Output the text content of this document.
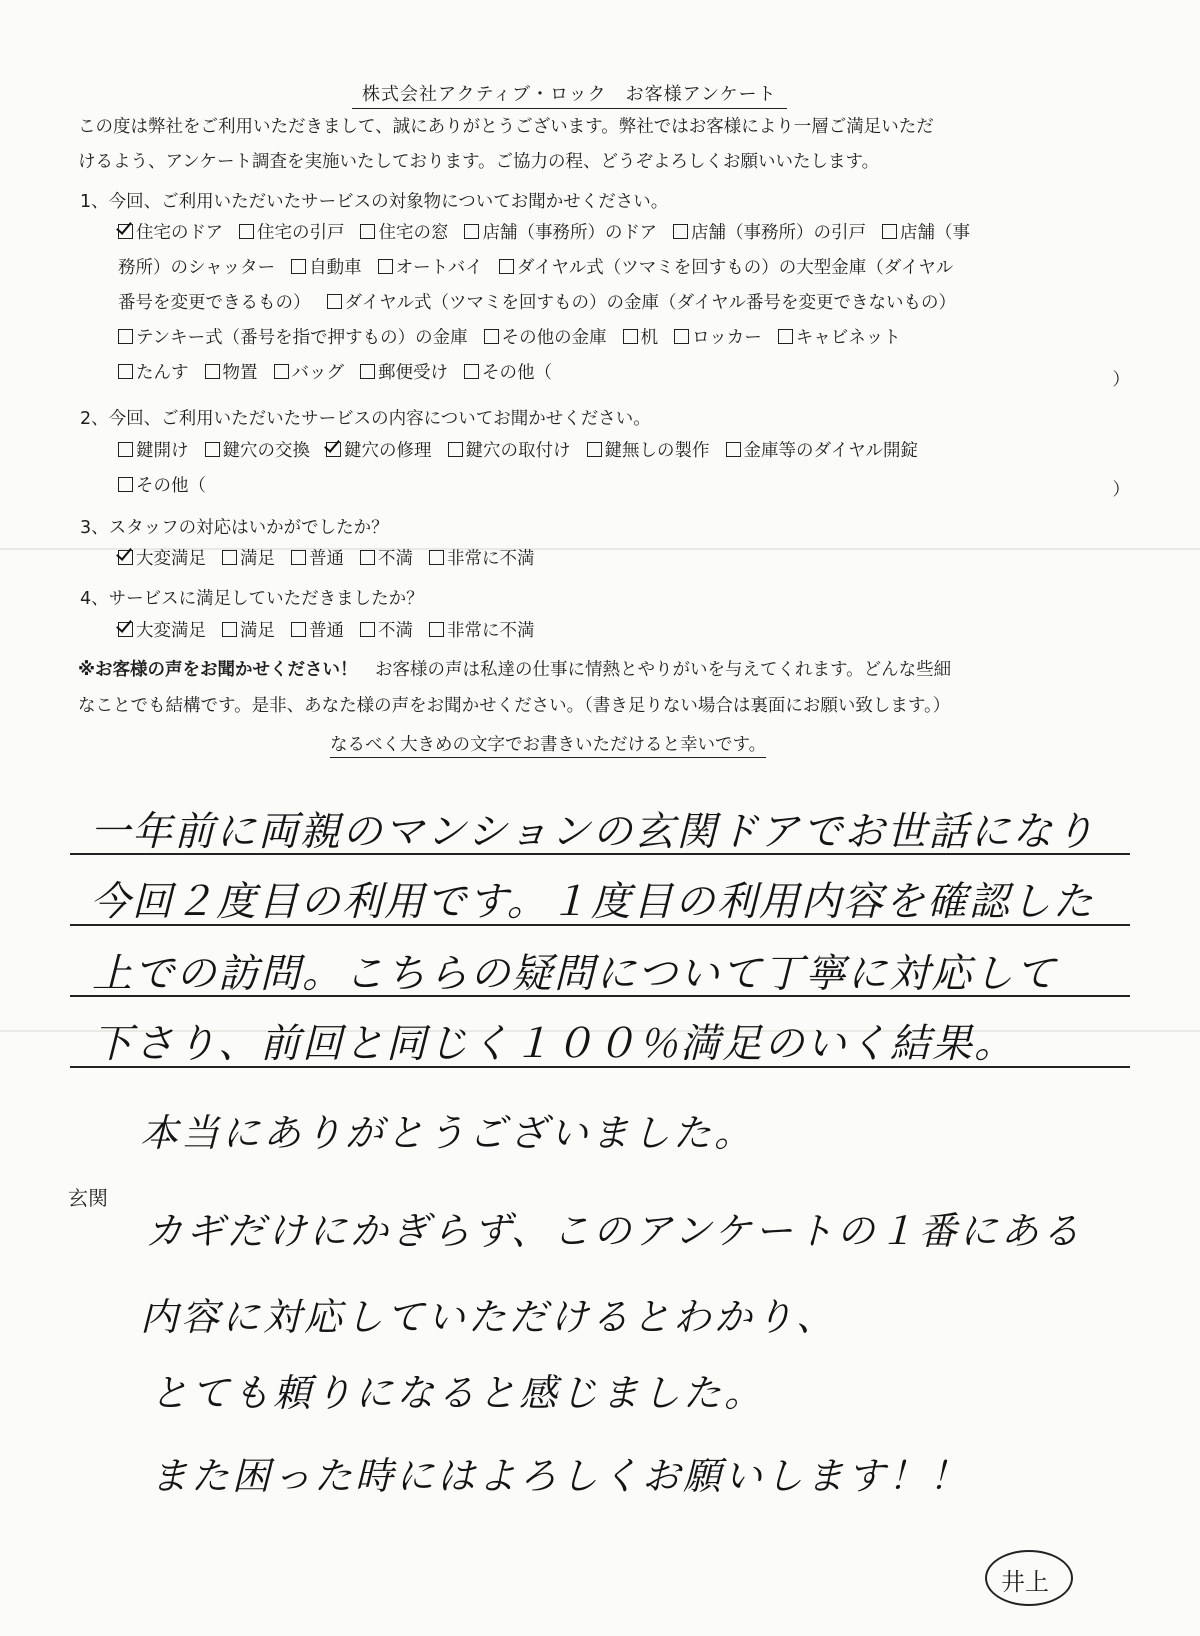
株式会社アクティブ・ロック　お客様アンケート
この度は弊社をご利用いただきまして、誠にありがとうございます。弊社ではお客様により一層ご満足いただ
けるよう、アンケート調査を実施いたしております。ご協力の程、どうぞよろしくお願いいたします。
1、今回、ご利用いただいたサービスの対象物についてお聞かせください。
住宅のドア 住宅の引戸 住宅の窓 店舗（事務所）のドア 店舗（事務所）の引戸 店舗（事
務所）のシャッター 自動車 オートバイ ダイヤル式（ツマミを回すもの）の大型金庫（ダイヤル
番号を変更できるもの） ダイヤル式（ツマミを回すもの）の金庫（ダイヤル番号を変更できないもの）
テンキー式（番号を指で押すもの）の金庫 その他の金庫 机 ロッカー キャビネット
たんす 物置 バッグ 郵便受け その他（	）
2、今回、ご利用いただいたサービスの内容についてお聞かせください。
鍵開け 鍵穴の交換 鍵穴の修理 鍵穴の取付け 鍵無しの製作 金庫等のダイヤル開錠
その他（	）
3、スタッフの対応はいかがでしたか？
大変満足 満足 普通 不満 非常に不満
4、サービスに満足していただきましたか？
大変満足 満足 普通 不満 非常に不満
※お客様の声をお聞かせください！　お客様の声は私達の仕事に情熱とやりがいを与えてくれます。どんな些細
なことでも結構です。是非、あなた様の声をお聞かせください。（書き足りない場合は裏面にお願い致します。）
なるべく大きめの文字でお書きいただけると幸いです。
一年前に両親のマンションの玄関ドアでお世話になり
今回２度目の利用です。１度目の利用内容を確認した
上での訪問。こちらの疑問について丁寧に対応して
下さり、前回と同じく１００％満足のいく結果。
本当にありがとうございました。
玄関
カギだけにかぎらず、このアンケートの１番にある
内容に対応していただけるとわかり、
とても頼りになると感じました。
また困った時にはよろしくお願いします！！
井上
